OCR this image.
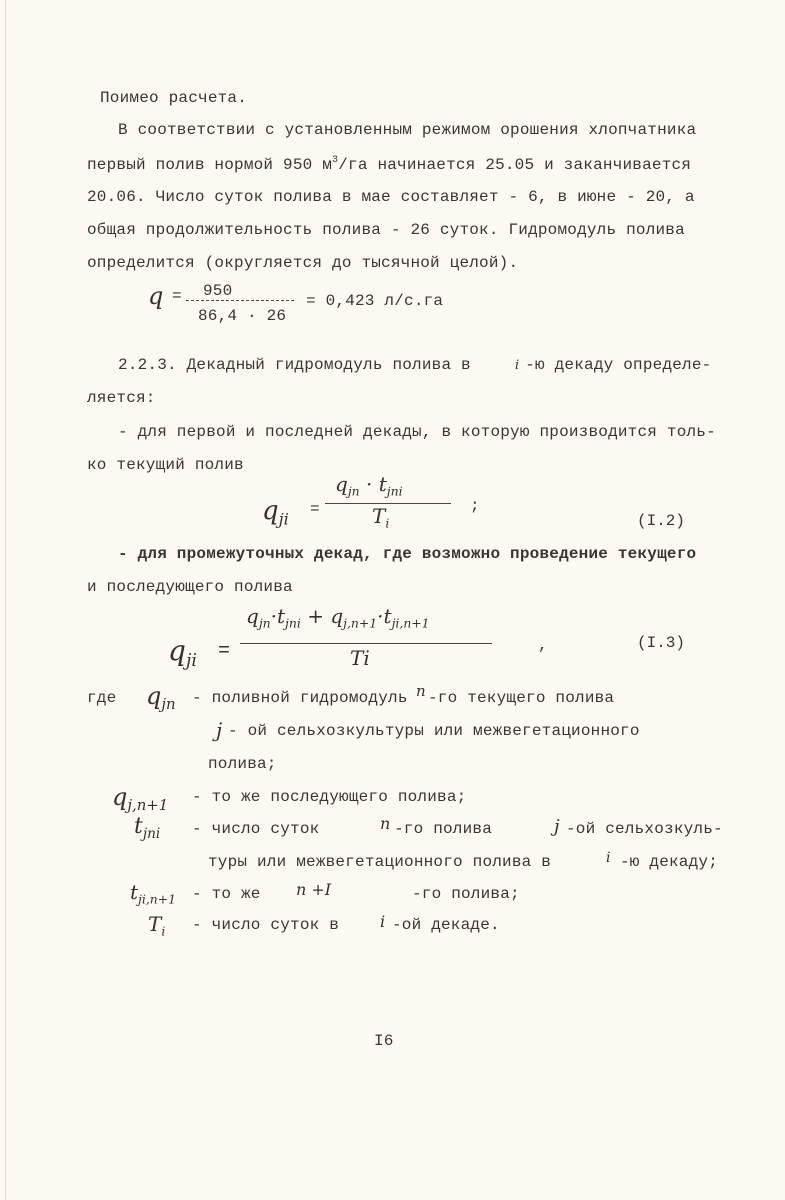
Поимео расчета.
В соответствии с установленным режимом орошения хлопчатника
первый полив нормой 950 $м^3/га$ начинается 25.05 и заканчивается
20.06. Число суток полива в мае составляет - 6, в июне - 20, а
общая продолжительность полива - 26 суток. Гидромодуль полива
определится (округляется до тысячной целой).
q = 950
86,4 · 26
= 0,423 л/с.га
2.2.3. Декадный гидромодуль полива в	i -ю декаду определе-
ляется:
- для первой и последней декады, в которую производится толь-
ко текущий полив
$q_{ji}$
=
$q_{jn} \cdot t_{jni}$
$T_i$
;
(I.2)
- для промежуточных декад, где возможно проведение текущего
и последующего полива
$q_{ji}$ =
$q_{jn}\cdot t_{jni} + q_{j,n+1}\cdot t_{ji,n+1}$
Ti
,	(I.3)
где $q_{jn}$ - поливной гидромодуль n -го текущего полива
j - ой сельхозкультуры или межвегетационного
полива;
$q_{j,n+1}$ - то же последующего полива;
$t_{jni}$ - число суток	n -го полива	j -ой сельхозкуль-
туры или межвегетационного полива в	i -ю декаду;
$t_{ji,n+1}$ - то же n +I	-го полива;
$T_i$ - число суток в	i -ой декаде.
I6
